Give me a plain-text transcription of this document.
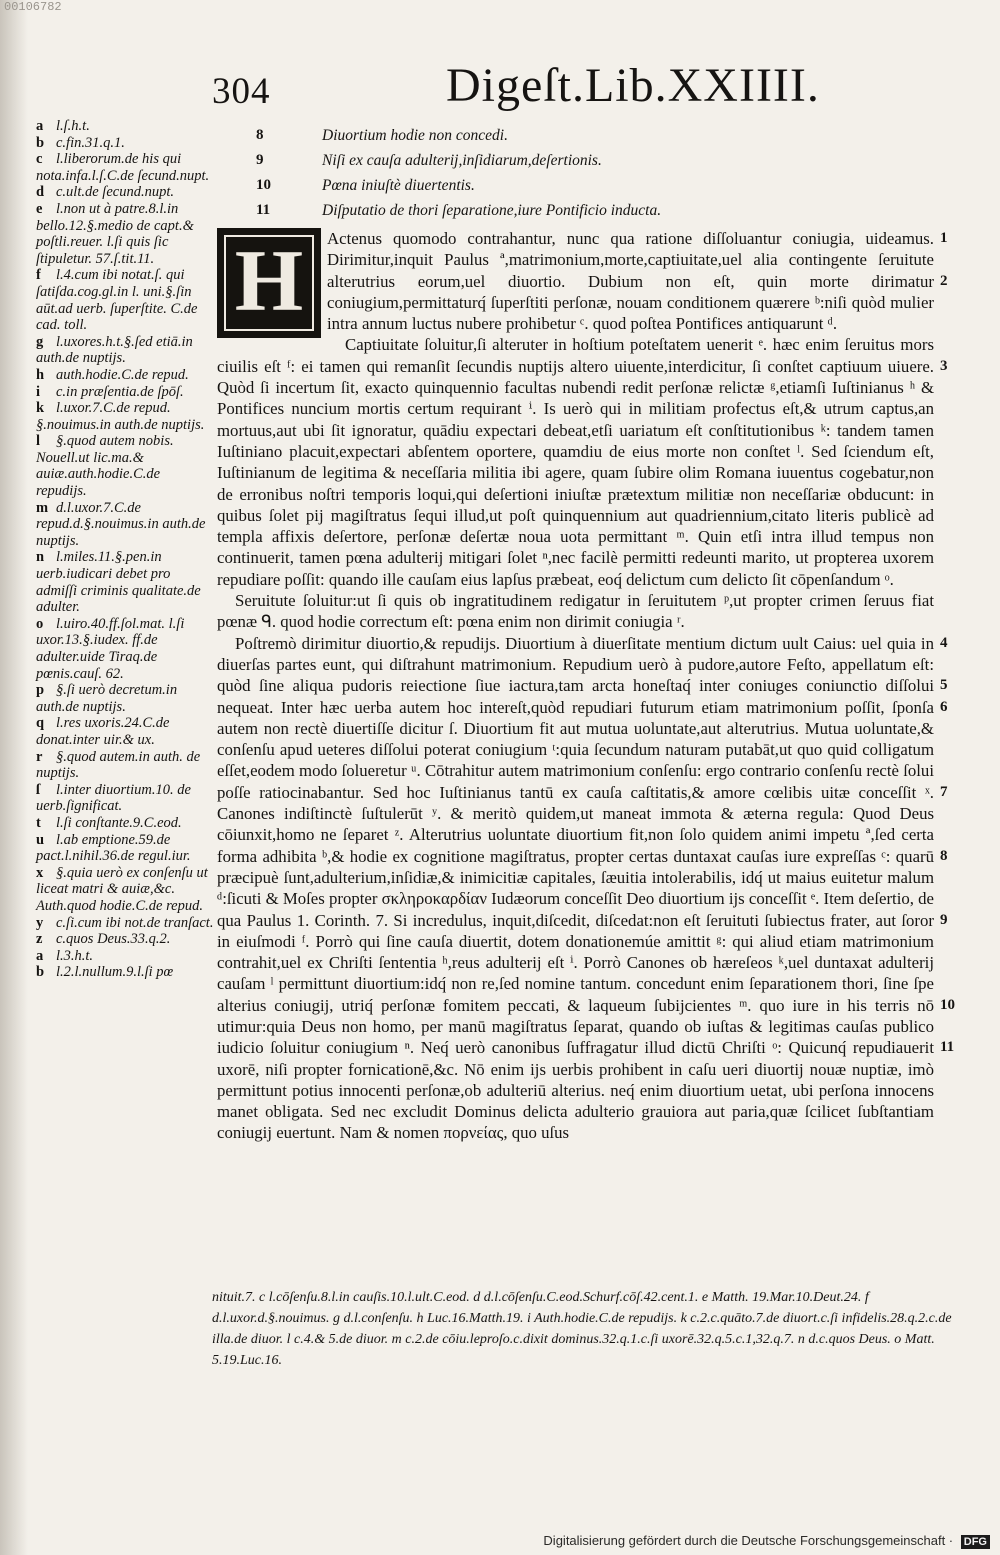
00106782
304	Digeſt.Lib.XXIIII.
a l.ſ.h.t.
b c.fin.31.q.1.
c l.liberorum.de his qui nota.infa.l.ſ.C.de ſecund.nupt.
d c.ult.de ſecund.nupt.
e l.non ut à patre.8.l.in bello.12.§.medio de capt.& poſtli.reuer. l.ſi quis ſic ſtipuletur. 57.ſ.tit.11.
f l.4.cum ibi notat.ſ. qui ſatiſda.cog.gl.in l. uni.§.ſin aūt.ad uerb. ſuperſtite. C.de cad. toll.
g l.uxores.h.t.§.ſed etiā.in auth.de nuptijs.
h auth.hodie.C.de repud.
i c.in præſentia.de ſpōſ.
k l.uxor.7.C.de repud. §.nouimus.in auth.de nuptijs.
l §.quod autem nobis. Nouell.ut lic.ma.& auiæ.auth.hodie.C.de repudijs.
m d.l.uxor.7.C.de repud.d.§.nouimus.in auth.de nuptijs.
n l.miles.11.§.pen.in uerb.iudicari debet pro admiſſi criminis qualitate.de adulter.
o l.uiro.40.ff.ſol.mat. l.ſi uxor.13.§.iudex. ff.de adulter.uide Tiraq.de pœnis.cauſ. 62.
p §.ſi uerò decretum.in auth.de nuptijs.
q l.res uxoris.24.C.de donat.inter uir.& ux.
r §.quod autem.in auth. de nuptijs.
ſ l.inter diuortium.10. de uerb.ſignificat.
t l.ſi conſtante.9.C.eod.
u l.ab emptione.59.de pact.l.nihil.36.de regul.iur.
x §.quia uerò ex conſenſu ut liceat matri & auiæ,&c. Auth.quod hodie.C.de repud.
y c.ſi.cum ibi not.de tranſact.
z c.quos Deus.33.q.2.
a l.3.h.t.
b l.2.l.nullum.9.l.ſi pœ
8	Diuortium hodie non concedi.
9	Niſi ex cauſa adulterij,inſidiarum,deſertionis.
10	Pœna iniuſtè diuertentis.
11	Diſputatio de thori ſeparatione,iure Pontificio inducta.
H	Actenus quomodo contrahantur, nunc qua ratione diſſoluantur coniugia, uideamus. Dirimitur,inquit Paulus ª,matrimonium,morte,captiuitate,uel alia contingente ſeruitute alterutrius eorum,uel diuortio. Dubium non eſt, quin morte dirimatur coniugium,permittaturq́ ſuperſtiti perſonæ, nouam conditionem quærere ᵇ:niſi quòd mulier intra annum luctus nubere prohibetur ᶜ. quod poſtea Pontifices antiquarunt ᵈ.

Captiuitate ſoluitur,ſi alteruter in hoſtium poteſtatem uenerit ᵉ. hæc enim ſeruitus mors ciuilis eſt ᶠ: ei tamen qui remanſit ſecundis nuptijs altero uiuente,interdicitur, ſi conſtet captiuum uiuere. Quòd ſi incertum ſit, exacto quinquennio facultas nubendi redit perſonæ relictæ ᵍ,etiamſi Iuſtinianus ʰ & Pontifices nuncium mortis certum requirant ⁱ. Is uerò qui in militiam profectus eſt,& utrum captus,an mortuus,aut ubi ſit ignoratur, quādiu expectari debeat,etſi uariatum eſt conſtitutionibus ᵏ: tandem tamen Iuſtiniano placuit,expectari abſentem oportere, quamdiu de eius morte non conſtet ˡ. Sed ſciendum eſt, Iuſtinianum de legitima & neceſſaria militia ibi agere, quam ſubire olim Romana iuuentus cogebatur,non de erronibus noſtri temporis loqui,qui deſertioni iniuſtæ prætextum militiæ non neceſſariæ obducunt: in quibus ſolet pij magiſtratus ſequi illud,ut poſt quinquennium aut quadriennium,citato literis publicè ad templa affixis deſertore, perſonæ deſertæ noua uota permittant ᵐ. Quin etſi intra illud tempus non continuerit, tamen pœna adulterij mitigari ſolet ⁿ,nec facilè permitti redeunti marito, ut propterea uxorem repudiare poſſit: quando ille cauſam eius lapſus præbeat, eoq́ delictum cum delicto ſit cōpenſandum ᵒ.

Seruitute ſoluitur:ut ſi quis ob ingratitudinem redigatur in ſeruitutem ᵖ,ut propter crimen ſeruus fiat pœnæ ᑫ. quod hodie correctum eſt: pœna enim non dirimit coniugia ʳ.

Poſtremò dirimitur diuortio,& repudijs. Diuortium à diuerſitate mentium dictum uult Caius: uel quia in diuerſas partes eunt, qui diſtrahunt matrimonium. Repudium uerò à pudore,autore Feſto, appellatum eſt: quòd ſine aliqua pudoris reiectione ſiue iactura,tam arcta honeſtaq́ inter coniuges coniunctio diſſolui nequeat. Inter hæc uerba autem hoc intereſt,quòd repudiari futurum etiam matrimonium poſſit, ſponſa autem non rectè diuertiſſe dicitur ſ. Diuortium fit aut mutua uoluntate,aut alterutrius. Mutua uoluntate,& conſenſu apud ueteres diſſolui poterat coniugium ᵗ:quia ſecundum naturam putabāt,ut quo quid colligatum eſſet,eodem modo ſolueretur ᵘ. Cōtrahitur autem matrimonium conſenſu: ergo contrario conſenſu rectè ſolui poſſe ratiocinabantur. Sed hoc Iuſtinianus tantū ex cauſa caſtitatis,& amore cœlibis uitæ conceſſit ˣ. Canones indiſtinctè ſuſtulerūt ʸ. & meritò quidem,ut maneat immota & æterna regula: Quod Deus cōiunxit,homo ne ſeparet ᶻ. Alterutrius uoluntate diuortium fit,non ſolo quidem animi impetu ª,ſed certa forma adhibita ᵇ,& hodie ex cognitione magiſtratus, propter certas duntaxat cauſas iure expreſſas ᶜ: quarū præcipuè ſunt,adulterium,inſidiæ,& inimicitiæ capitales, ſæuitia intolerabilis, idq́ ut maius euitetur malum ᵈ:ſicuti & Moſes propter σκληροκαρδίαν Iudæorum conceſſit Deo diuortium ijs conceſſit ᵉ. Item deſertio, de qua Paulus 1. Corinth. 7. Si incredulus, inquit,diſcedit, diſcedat:non eſt ſeruituti ſubiectus frater, aut ſoror in eiuſmodi ᶠ. Porrò qui ſine cauſa diuertit, dotem donationemúe amittit ᵍ: qui aliud etiam matrimonium contrahit,uel ex Chriſti ſententia ʰ,reus adulterij eſt ⁱ. Porrò Canones ob hæreſeos ᵏ,uel duntaxat adulterij cauſam ˡ permittunt diuortium:idq́ non re,ſed nomine tantum. concedunt enim ſeparationem thori, ſine ſpe alterius coniugij, utriq́ perſonæ fomitem peccati, & laqueum ſubijcientes ᵐ. quo iure in his terris nō utimur:quia Deus non homo, per manū magiſtratus ſeparat, quando ob iuſtas & legitimas cauſas publico iudicio ſoluitur coniugium ⁿ. Neq́ uerò canonibus ſuffragatur illud dictū Chriſti ᵒ: Quicunq́ repudiauerit uxorē, niſi propter fornicationē,&c. Nō enim ijs uerbis prohibent in caſu ueri diuortij nouæ nuptiæ, imò permittunt potius innocenti perſonæ,ob adulteriū alterius. neq́ enim diuortium uetat, ubi perſona innocens manet obligata. Sed nec excludit Dominus delicta adulterio grauiora aut paria,quæ ſcilicet ſubſtantiam coniugij euertunt. Nam & nomen πορνείας, quo uſus

1
2
3
4
5
6
7
8
9
10
11
nituit.7. c l.cōſenſu.8.l.in cauſis.10.l.ult.C.eod. d d.l.cōſenſu.C.eod.Schurf.cōſ.42.cent.1. e Matth. 19.Mar.10.Deut.24. f d.l.uxor.d.§.nouimus. g d.l.conſenſu. h Luc.16.Matth.19. i Auth.hodie.C.de repudijs. k c.2.c.quāto.7.de diuort.c.ſi infidelis.28.q.2.c.de illa.de diuor. l c.4.& 5.de diuor. m c.2.de cōiu.leproſo.c.dixit dominus.32.q.1.c.ſi uxorē.32.q.5.c.1,32.q.7. n d.c.quos Deus. o Matt. 5.19.Luc.16.
Digitalisierung gefördert durch die Deutsche Forschungsgemeinschaft · DFG
